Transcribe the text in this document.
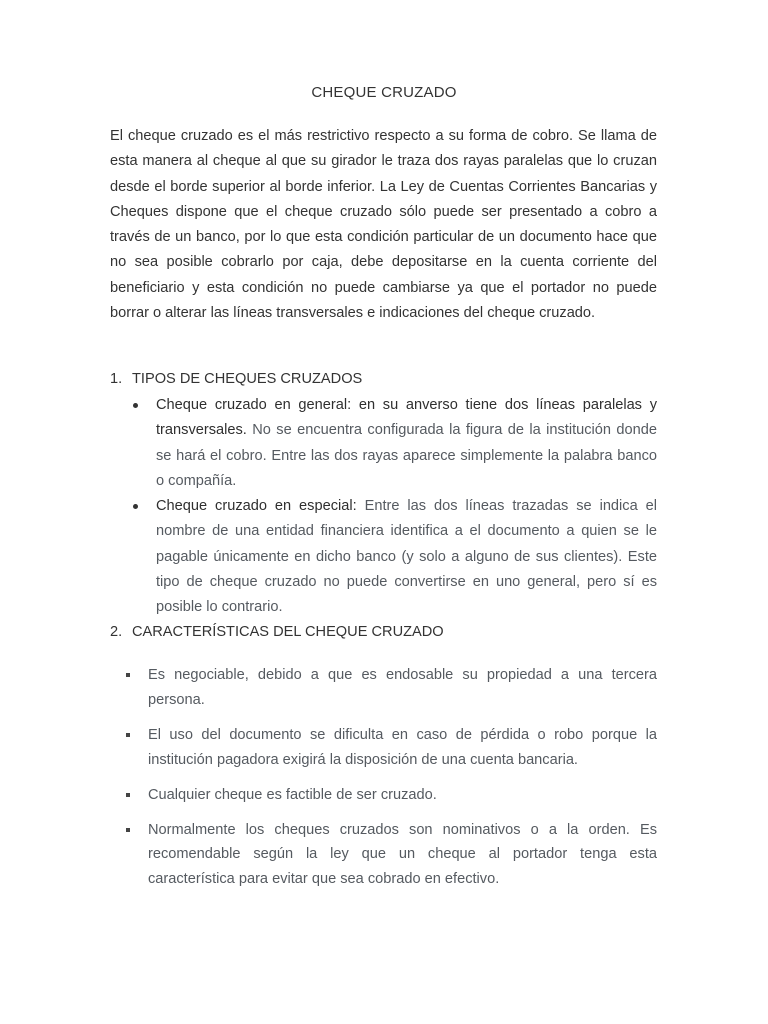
CHEQUE CRUZADO

El cheque cruzado es el más restrictivo respecto a su forma de cobro. Se llama de esta manera al cheque al que su girador le traza dos rayas paralelas que lo cruzan desde el borde superior al borde inferior. La Ley de Cuentas Corrientes Bancarias y Cheques dispone que el cheque cruzado sólo puede ser presentado a cobro a través de un banco, por lo que esta condición particular de un documento hace que no sea posible cobrarlo por caja, debe depositarse en la cuenta corriente del beneficiario y esta condición no puede cambiarse ya que el portador no puede borrar o alterar las líneas transversales e indicaciones del cheque cruzado.

1. TIPOS DE CHEQUES CRUZADOS
Cheque cruzado en general: en su anverso tiene dos líneas paralelas y transversales. No se encuentra configurada la figura de la institución donde se hará el cobro. Entre las dos rayas aparece simplemente la palabra banco o compañía.
Cheque cruzado en especial: Entre las dos líneas trazadas se indica el nombre de una entidad financiera identifica a el documento a quien se le pagable únicamente en dicho banco (y solo a alguno de sus clientes). Este tipo de cheque cruzado no puede convertirse en uno general, pero sí es posible lo contrario.
2. CARACTERÍSTICAS DEL CHEQUE CRUZADO
Es negociable, debido a que es endosable su propiedad a una tercera persona.
El uso del documento se dificulta en caso de pérdida o robo porque la institución pagadora exigirá la disposición de una cuenta bancaria.
Cualquier cheque es factible de ser cruzado.
Normalmente los cheques cruzados son nominativos o a la orden. Es recomendable según la ley que un cheque al portador tenga esta característica para evitar que sea cobrado en efectivo.
